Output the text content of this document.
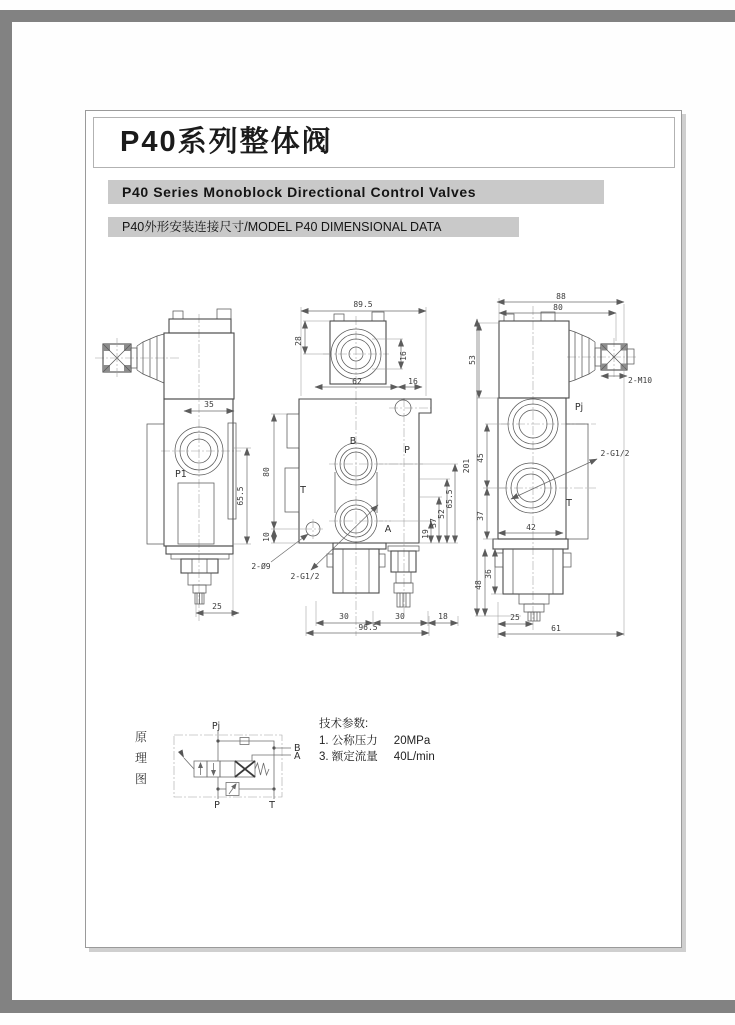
P40系列整体阀
P40 Series Monoblock Directional Control Valves
P40外形安装连接尺寸/MODEL P40 DIMENSIONAL DATA
35
65.5
25
P1
B
P
T
A
2-Ø9
2-G1/2
89.5
28
16
62	16
80
10	19
37
52
65.5
30	30	18
96.5
2-M10
Pj
T
2-G1/2
88
80
53
201
45
37
36
48
42
25
61
原
理
图
Pj
B
A
P	T
技术参数:
1. 公称压力 20MPa
3. 额定流量 40L/min
